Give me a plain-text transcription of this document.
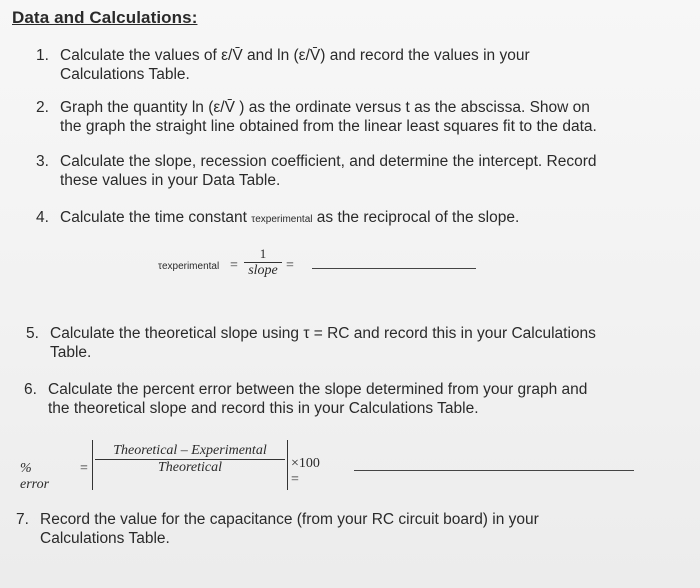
Data and Calculations:
1. Calculate the values of ε/V̄ and ln (ε/V̄) and record the values in your
Calculations Table.
2. Graph the quantity ln (ε/V̄ ) as the ordinate versus t as the abscissa. Show on
the graph the straight line obtained from the linear least squares fit to the data.
3. Calculate the slope, recession coefficient, and determine the intercept. Record
these values in your Data Table.
4. Calculate the time constant τexperimental as the reciprocal of the slope.
τexperimental =
1
slope =
5. Calculate the theoretical slope using τ = RC and record this in your Calculations
Table.
6. Calculate the percent error between the slope determined from your graph and
the theoretical slope and record this in your Calculations Table.
% error
=
Theoretical – Experimental
Theoretical	×100 =
7. Record the value for the capacitance (from your RC circuit board) in your
Calculations Table.
